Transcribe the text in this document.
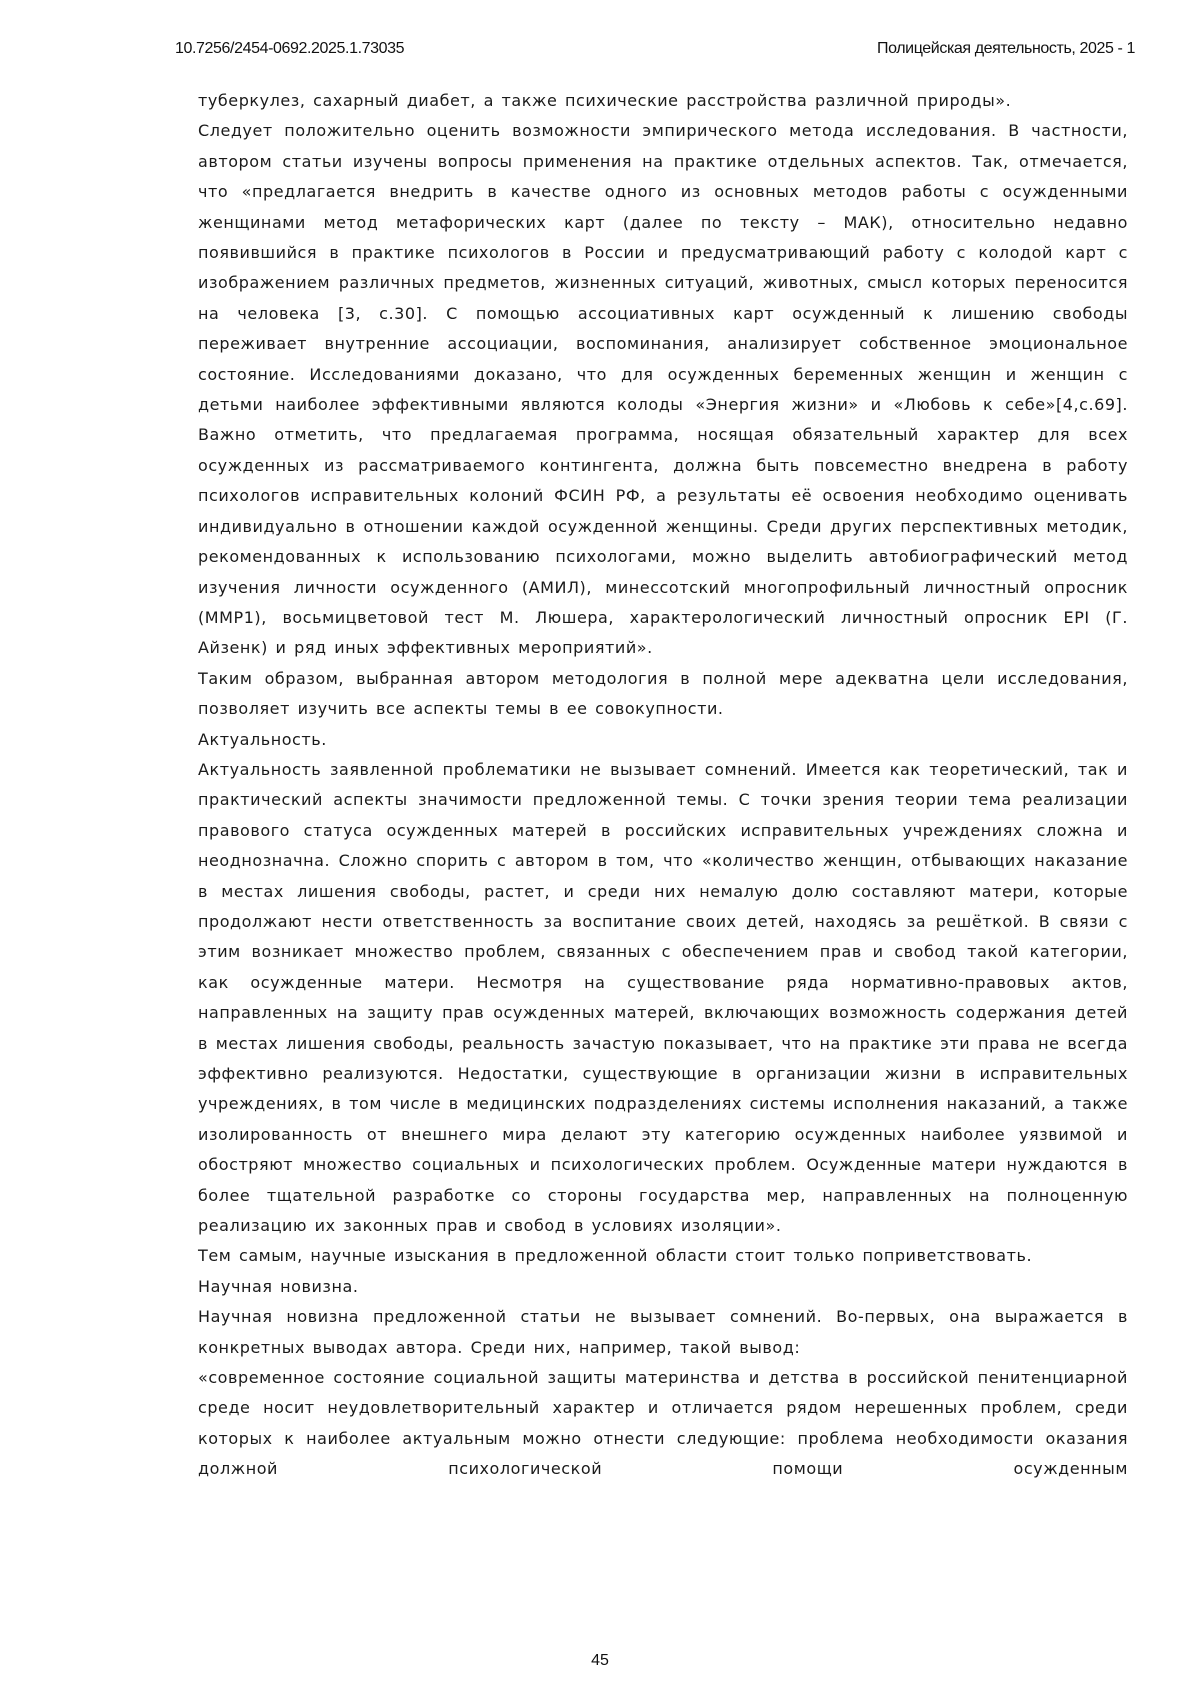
10.7256/2454-0692.2025.1.73035	Полицейская деятельность, 2025 - 1

туберкулез, сахарный диабет, а также психические расстройства различной природы».

Следует положительно оценить возможности эмпирического метода исследования. В частности, автором статьи изучены вопросы применения на практике отдельных аспектов. Так, отмечается, что «предлагается внедрить в качестве одного из основных методов работы с осужденными женщинами метод метафорических карт (далее по тексту – МАК), относительно недавно появившийся в практике психологов в России и предусматривающий работу с колодой карт с изображением различных предметов, жизненных ситуаций, животных, смысл которых переносится на человека [3, с.30]. С помощью ассоциативных карт осужденный к лишению свободы переживает внутренние ассоциации, воспоминания, анализирует собственное эмоциональное состояние. Исследованиями доказано, что для осужденных беременных женщин и женщин с детьми наиболее эффективными являются колоды «Энергия жизни» и «Любовь к себе»[4,с.69]. Важно отметить, что предлагаемая программа, носящая обязательный характер для всех осужденных из рассматриваемого контингента, должна быть повсеместно внедрена в работу психологов исправительных колоний ФСИН РФ, а результаты её освоения необходимо оценивать индивидуально в отношении каждой осужденной женщины. Среди других перспективных методик, рекомендованных к использованию психологами, можно выделить автобиографический метод изучения личности осужденного (АМИЛ), минессотский многопрофильный личностный опросник (ММР1), восьмицветовой тест М. Люшера, характерологический личностный опросник EPI (Г. Айзенк) и ряд иных эффективных мероприятий».

Таким образом, выбранная автором методология в полной мере адекватна цели исследования, позволяет изучить все аспекты темы в ее совокупности.

Актуальность.

Актуальность заявленной проблематики не вызывает сомнений. Имеется как теоретический, так и практический аспекты значимости предложенной темы. С точки зрения теории тема реализации правового статуса осужденных матерей в российских исправительных учреждениях сложна и неоднозначна. Сложно спорить с автором в том, что «количество женщин, отбывающих наказание в местах лишения свободы, растет, и среди них немалую долю составляют матери, которые продолжают нести ответственность за воспитание своих детей, находясь за решёткой. В связи с этим возникает множество проблем, связанных с обеспечением прав и свобод такой категории, как осужденные матери. Несмотря на существование ряда нормативно-правовых актов, направленных на защиту прав осужденных матерей, включающих возможность содержания детей в местах лишения свободы, реальность зачастую показывает, что на практике эти права не всегда эффективно реализуются. Недостатки, существующие в организации жизни в исправительных учреждениях, в том числе в медицинских подразделениях системы исполнения наказаний, а также изолированность от внешнего мира делают эту категорию осужденных наиболее уязвимой и обостряют множество социальных и психологических проблем. Осужденные матери нуждаются в более тщательной разработке со стороны государства мер, направленных на полноценную реализацию их законных прав и свобод в условиях изоляции».

Тем самым, научные изыскания в предложенной области стоит только поприветствовать.

Научная новизна.

Научная новизна предложенной статьи не вызывает сомнений. Во-первых, она выражается в конкретных выводах автора. Среди них, например, такой вывод:

«современное состояние социальной защиты материнства и детства в российской пенитенциарной среде носит неудовлетворительный характер и отличается рядом нерешенных проблем, среди которых к наиболее актуальным можно отнести следующие: проблема необходимости оказания должной психологической помощи осужденным

45
